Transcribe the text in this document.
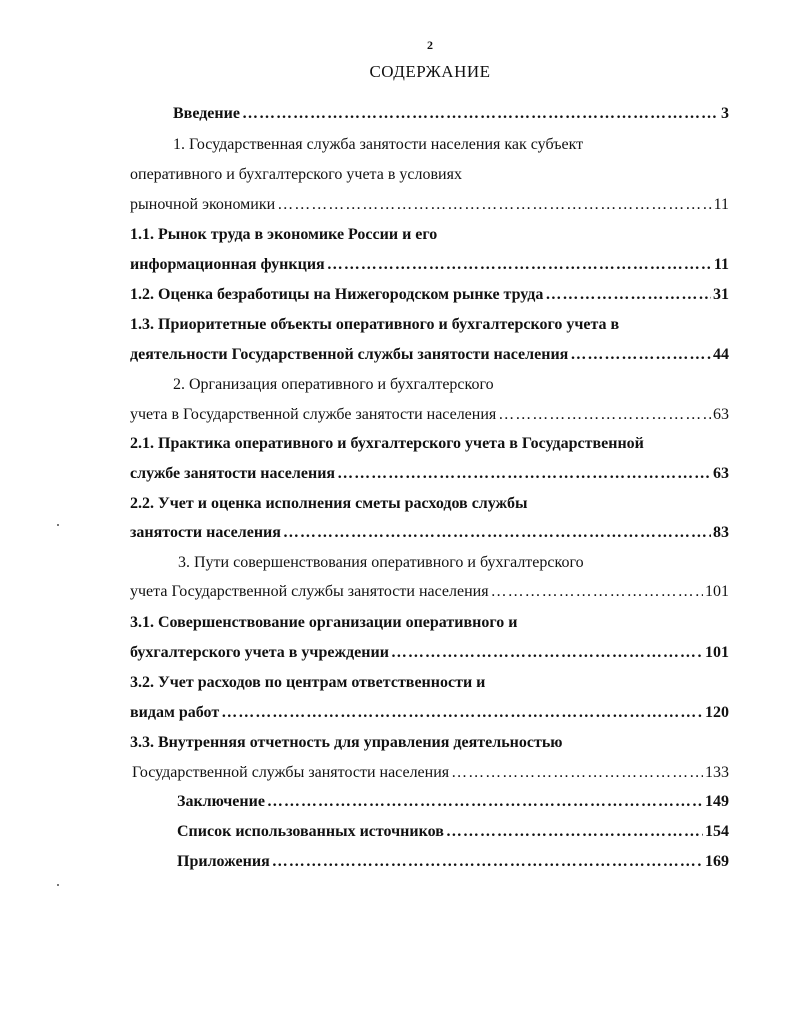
2
СОДЕРЖАНИЕ
Введение ……………………………………………………………………………………………………………………………………………………………	3
1. Государственная служба занятости населения как субъект
оперативного и бухгалтерского учета в условиях
рыночной экономики ……………………………………………………………………………………………………………………………………………………………	11
1.1. Рынок труда в экономике России и его
информационная функция ……………………………………………………………………………………………………………………………………………………………	11
1.2. Оценка безработицы на Нижегородском рынке труда ……………………………………………………………………………………………………………………………………………………………	31
1.3. Приоритетные объекты оперативного и бухгалтерского учета в
деятельности Государственной службы занятости населения ……………………………………………………………………………………………………………………………………………………………	44
2. Организация оперативного и бухгалтерского
учета в Государственной службе занятости населения ……………………………………………………………………………………………………………………………………………………………	63
2.1. Практика оперативного и бухгалтерского учета в Государственной
службе занятости населения ……………………………………………………………………………………………………………………………………………………………	63
2.2. Учет и оценка исполнения сметы расходов службы
занятости населения ……………………………………………………………………………………………………………………………………………………………	83
3. Пути совершенствования оперативного и бухгалтерского
учета Государственной службы занятости населения ……………………………………………………………………………………………………………………………………………………………	101
3.1. Совершенствование организации оперативного и
бухгалтерского учета в учреждении ……………………………………………………………………………………………………………………………………………………………	101
3.2. Учет расходов по центрам ответственности и
видам работ ……………………………………………………………………………………………………………………………………………………………	120
3.3. Внутренняя отчетность для управления деятельностью
Государственной службы занятости населения ……………………………………………………………………………………………………………………………………………………………	133
Заключение ……………………………………………………………………………………………………………………………………………………………	149
Список использованных источников ……………………………………………………………………………………………………………………………………………………………	154
Приложения ……………………………………………………………………………………………………………………………………………………………	169
